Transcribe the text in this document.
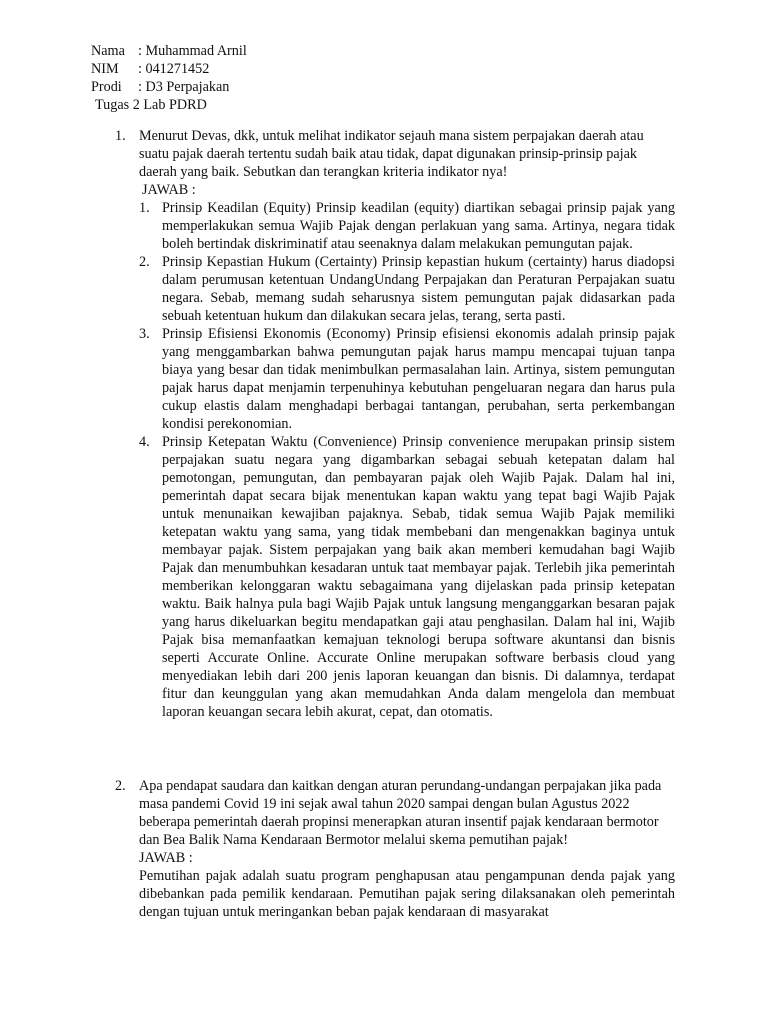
Nama : Muhammad Arnil
NIM	: 041271452
Prodi	: D3 Perpajakan
Tugas 2 Lab PDRD
1. Menurut Devas, dkk, untuk melihat indikator sejauh mana sistem perpajakan daerah atau suatu pajak daerah tertentu sudah baik atau tidak, dapat digunakan prinsip-prinsip pajak daerah yang baik. Sebutkan dan terangkan kriteria indikator nya!
JAWAB :
1. Prinsip Keadilan (Equity) Prinsip keadilan (equity) diartikan sebagai prinsip pajak yang memperlakukan semua Wajib Pajak dengan perlakuan yang sama. Artinya, negara tidak boleh bertindak diskriminatif atau seenaknya dalam melakukan pemungutan pajak.
2. Prinsip Kepastian Hukum (Certainty) Prinsip kepastian hukum (certainty) harus diadopsi dalam perumusan ketentuan UndangUndang Perpajakan dan Peraturan Perpajakan suatu negara. Sebab, memang sudah seharusnya sistem pemungutan pajak didasarkan pada sebuah ketentuan hukum dan dilakukan secara jelas, terang, serta pasti.
3. Prinsip Efisiensi Ekonomis (Economy) Prinsip efisiensi ekonomis adalah prinsip pajak yang menggambarkan bahwa pemungutan pajak harus mampu mencapai tujuan tanpa biaya yang besar dan tidak menimbulkan permasalahan lain. Artinya, sistem pemungutan pajak harus dapat menjamin terpenuhinya kebutuhan pengeluaran negara dan harus pula cukup elastis dalam menghadapi berbagai tantangan, perubahan, serta perkembangan kondisi perekonomian.
4. Prinsip Ketepatan Waktu (Convenience) Prinsip convenience merupakan prinsip sistem perpajakan suatu negara yang digambarkan sebagai sebuah ketepatan dalam hal pemotongan, pemungutan, dan pembayaran pajak oleh Wajib Pajak. Dalam hal ini, pemerintah dapat secara bijak menentukan kapan waktu yang tepat bagi Wajib Pajak untuk menunaikan kewajiban pajaknya. Sebab, tidak semua Wajib Pajak memiliki ketepatan waktu yang sama, yang tidak membebani dan mengenakkan baginya untuk membayar pajak. Sistem perpajakan yang baik akan memberi kemudahan bagi Wajib Pajak dan menumbuhkan kesadaran untuk taat membayar pajak. Terlebih jika pemerintah memberikan kelonggaran waktu sebagaimana yang dijelaskan pada prinsip ketepatan waktu. Baik halnya pula bagi Wajib Pajak untuk langsung menganggarkan besaran pajak yang harus dikeluarkan begitu mendapatkan gaji atau penghasilan. Dalam hal ini, Wajib Pajak bisa memanfaatkan kemajuan teknologi berupa software akuntansi dan bisnis seperti Accurate Online. Accurate Online merupakan software berbasis cloud yang menyediakan lebih dari 200 jenis laporan keuangan dan bisnis. Di dalamnya, terdapat fitur dan keunggulan yang akan memudahkan Anda dalam mengelola dan membuat laporan keuangan secara lebih akurat, cepat, dan otomatis.
2. Apa pendapat saudara dan kaitkan dengan aturan perundang-undangan perpajakan jika pada masa pandemi Covid 19 ini sejak awal tahun 2020 sampai dengan bulan Agustus 2022 beberapa pemerintah daerah propinsi menerapkan aturan insentif pajak kendaraan bermotor dan Bea Balik Nama Kendaraan Bermotor melalui skema pemutihan pajak!
JAWAB :
Pemutihan pajak adalah suatu program penghapusan atau pengampunan denda pajak yang dibebankan pada pemilik kendaraan. Pemutihan pajak sering dilaksanakan oleh pemerintah dengan tujuan untuk meringankan beban pajak kendaraan di masyarakat
